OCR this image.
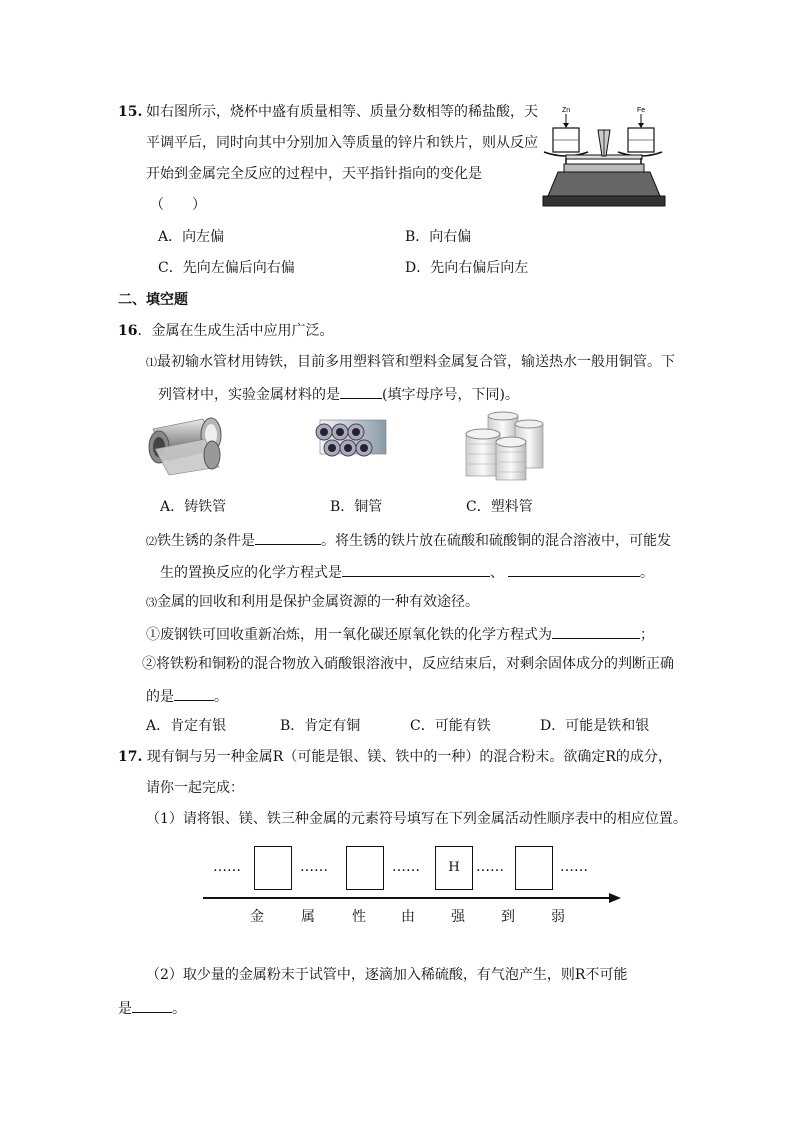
15. 如右图所示，烧杯中盛有质量相等、质量分数相等的稀盐酸，天
平调平后，同时向其中分别加入等质量的锌片和铁片，则从反应
开始到金属完全反应的过程中，天平指针指向的变化是
（　　）
Zn	Fe
A．向左偏	B．向右偏
C．先向左偏后向右偏	D．先向右偏后向左
二、填空题
16．金属在生成生活中应用广泛。
⑴最初输水管材用铸铁，目前多用塑料管和塑料金属复合管，输送热水一般用铜管。下
列管材中，实验金属材料的是	(填字母序号，下同)。
A．铸铁管	B．铜管	C．塑料管
⑵铁生锈的条件是	。将生锈的铁片放在硫酸和硫酸铜的混合溶液中，可能发
生的置换反应的化学方程式是	、	。
⑶金属的回收和利用是保护金属资源的一种有效途径。
①废钢铁可回收重新冶炼，用一氧化碳还原氧化铁的化学方程式为	；
②将铁粉和铜粉的混合物放入硝酸银溶液中，反应结束后，对剩余固体成分的判断正确
的是	。
A．肯定有银	B．肯定有铜	C．可能有铁	D．可能是铁和银
17. 现有铜与另一种金属R（可能是银、镁、铁中的一种）的混合粉末。欲确定R的成分，
请你一起完成：
（1）请将银、镁、铁三种金属的元素符号填写在下列金属活动性顺序表中的相应位置。
……	……	……	H	……	……
金	属	性	由	强	到	弱
（2）取少量的金属粉末于试管中，逐滴加入稀硫酸，有气泡产生，则R不可能
是	。
